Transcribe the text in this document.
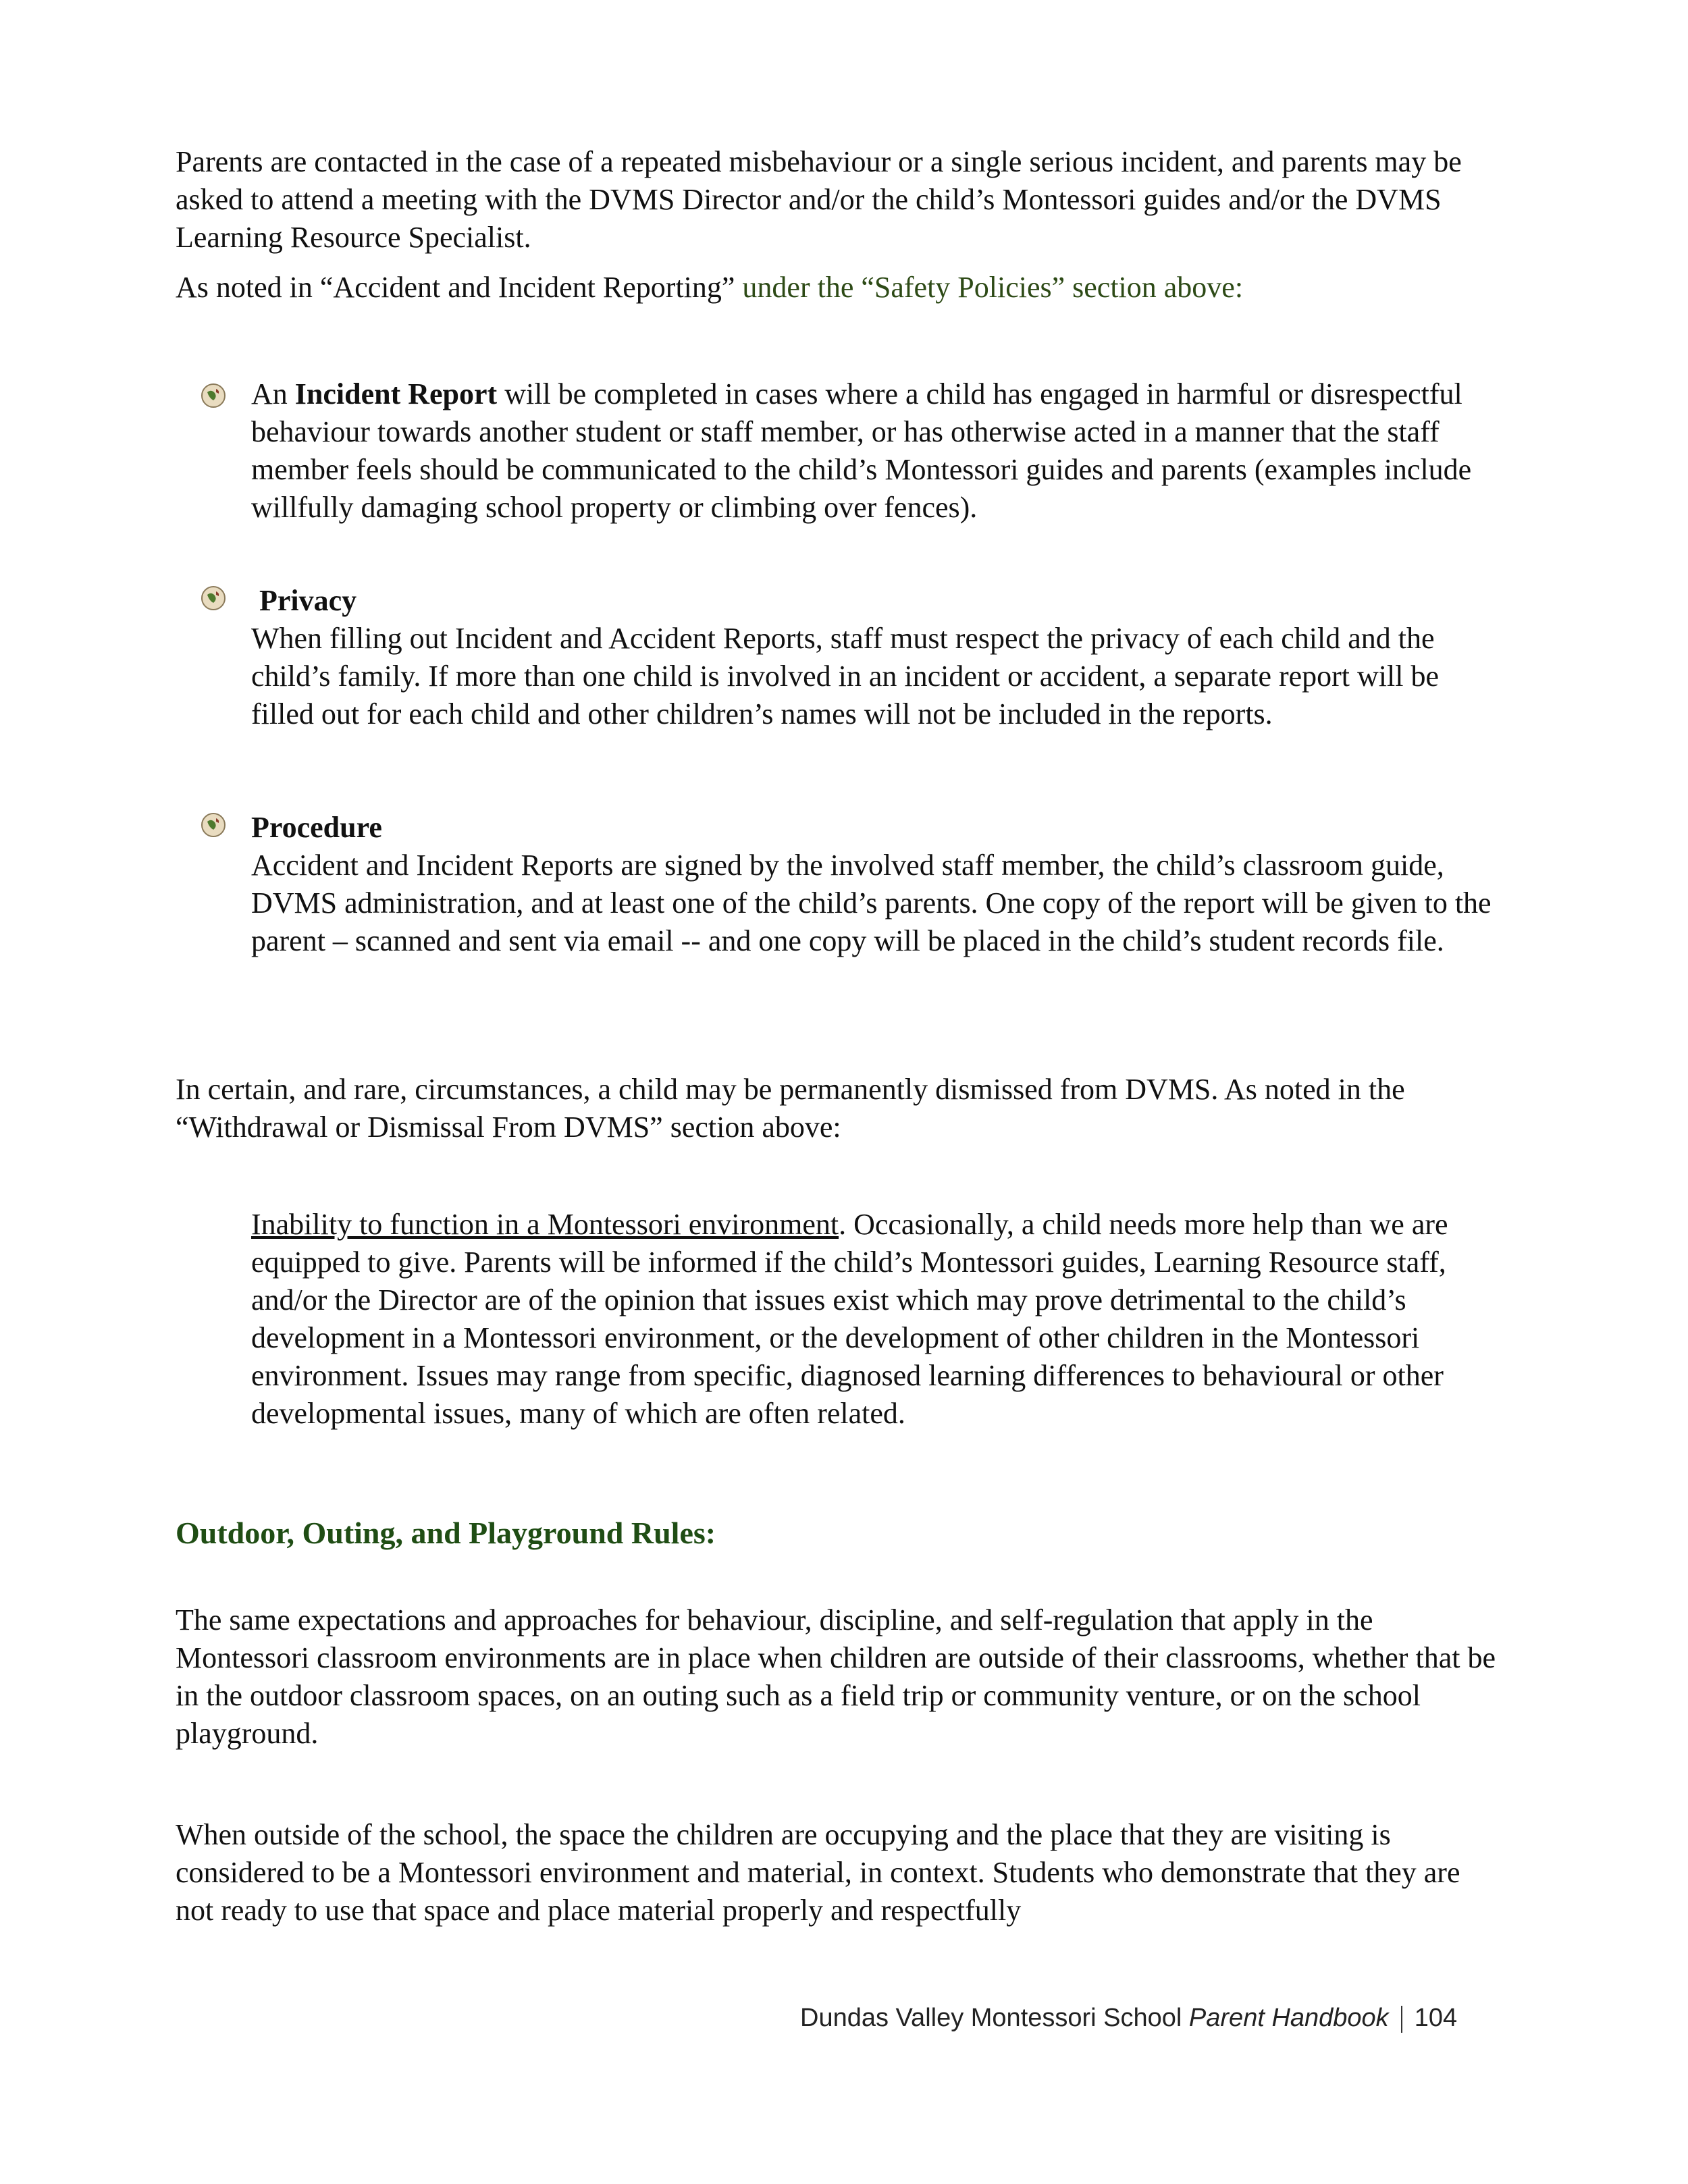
Parents are contacted in the case of a repeated misbehaviour or a single serious incident, and parents may be asked to attend a meeting with the DVMS Director and/or the child’s Montessori guides and/or the DVMS Learning Resource Specialist.

As noted in “Accident and Incident Reporting” under the “Safety Policies” section above:

An Incident Report will be completed in cases where a child has engaged in harmful or disrespectful behaviour towards another student or staff member, or has otherwise acted in a manner that the staff member feels should be communicated to the child’s Montessori guides and parents (examples include willfully damaging school property or climbing over fences).

Privacy
When filling out Incident and Accident Reports, staff must respect the privacy of each child and the child’s family. If more than one child is involved in an incident or accident, a separate report will be filled out for each child and other children’s names will not be included in the reports.

Procedure
Accident and Incident Reports are signed by the involved staff member, the child’s classroom guide, DVMS administration, and at least one of the child’s parents. One copy of the report will be given to the parent – scanned and sent via email -- and one copy will be placed in the child’s student records file.

In certain, and rare, circumstances, a child may be permanently dismissed from DVMS. As noted in the “Withdrawal or Dismissal From DVMS” section above:

Inability to function in a Montessori environment. Occasionally, a child needs more help than we are equipped to give. Parents will be informed if the child’s Montessori guides, Learning Resource staff, and/or the Director are of the opinion that issues exist which may prove detrimental to the child’s development in a Montessori environment, or the development of other children in the Montessori environment. Issues may range from specific, diagnosed learning differences to behavioural or other developmental issues, many of which are often related.

Outdoor, Outing, and Playground Rules:

The same expectations and approaches for behaviour, discipline, and self-regulation that apply in the Montessori classroom environments are in place when children are outside of their classrooms, whether that be in the outdoor classroom spaces, on an outing such as a field trip or community venture, or on the school playground.

When outside of the school, the space the children are occupying and the place that they are visiting is considered to be a Montessori environment and material, in context. Students who demonstrate that they are not ready to use that space and place material properly and respectfully

Dundas Valley Montessori School Parent Handbook 104
